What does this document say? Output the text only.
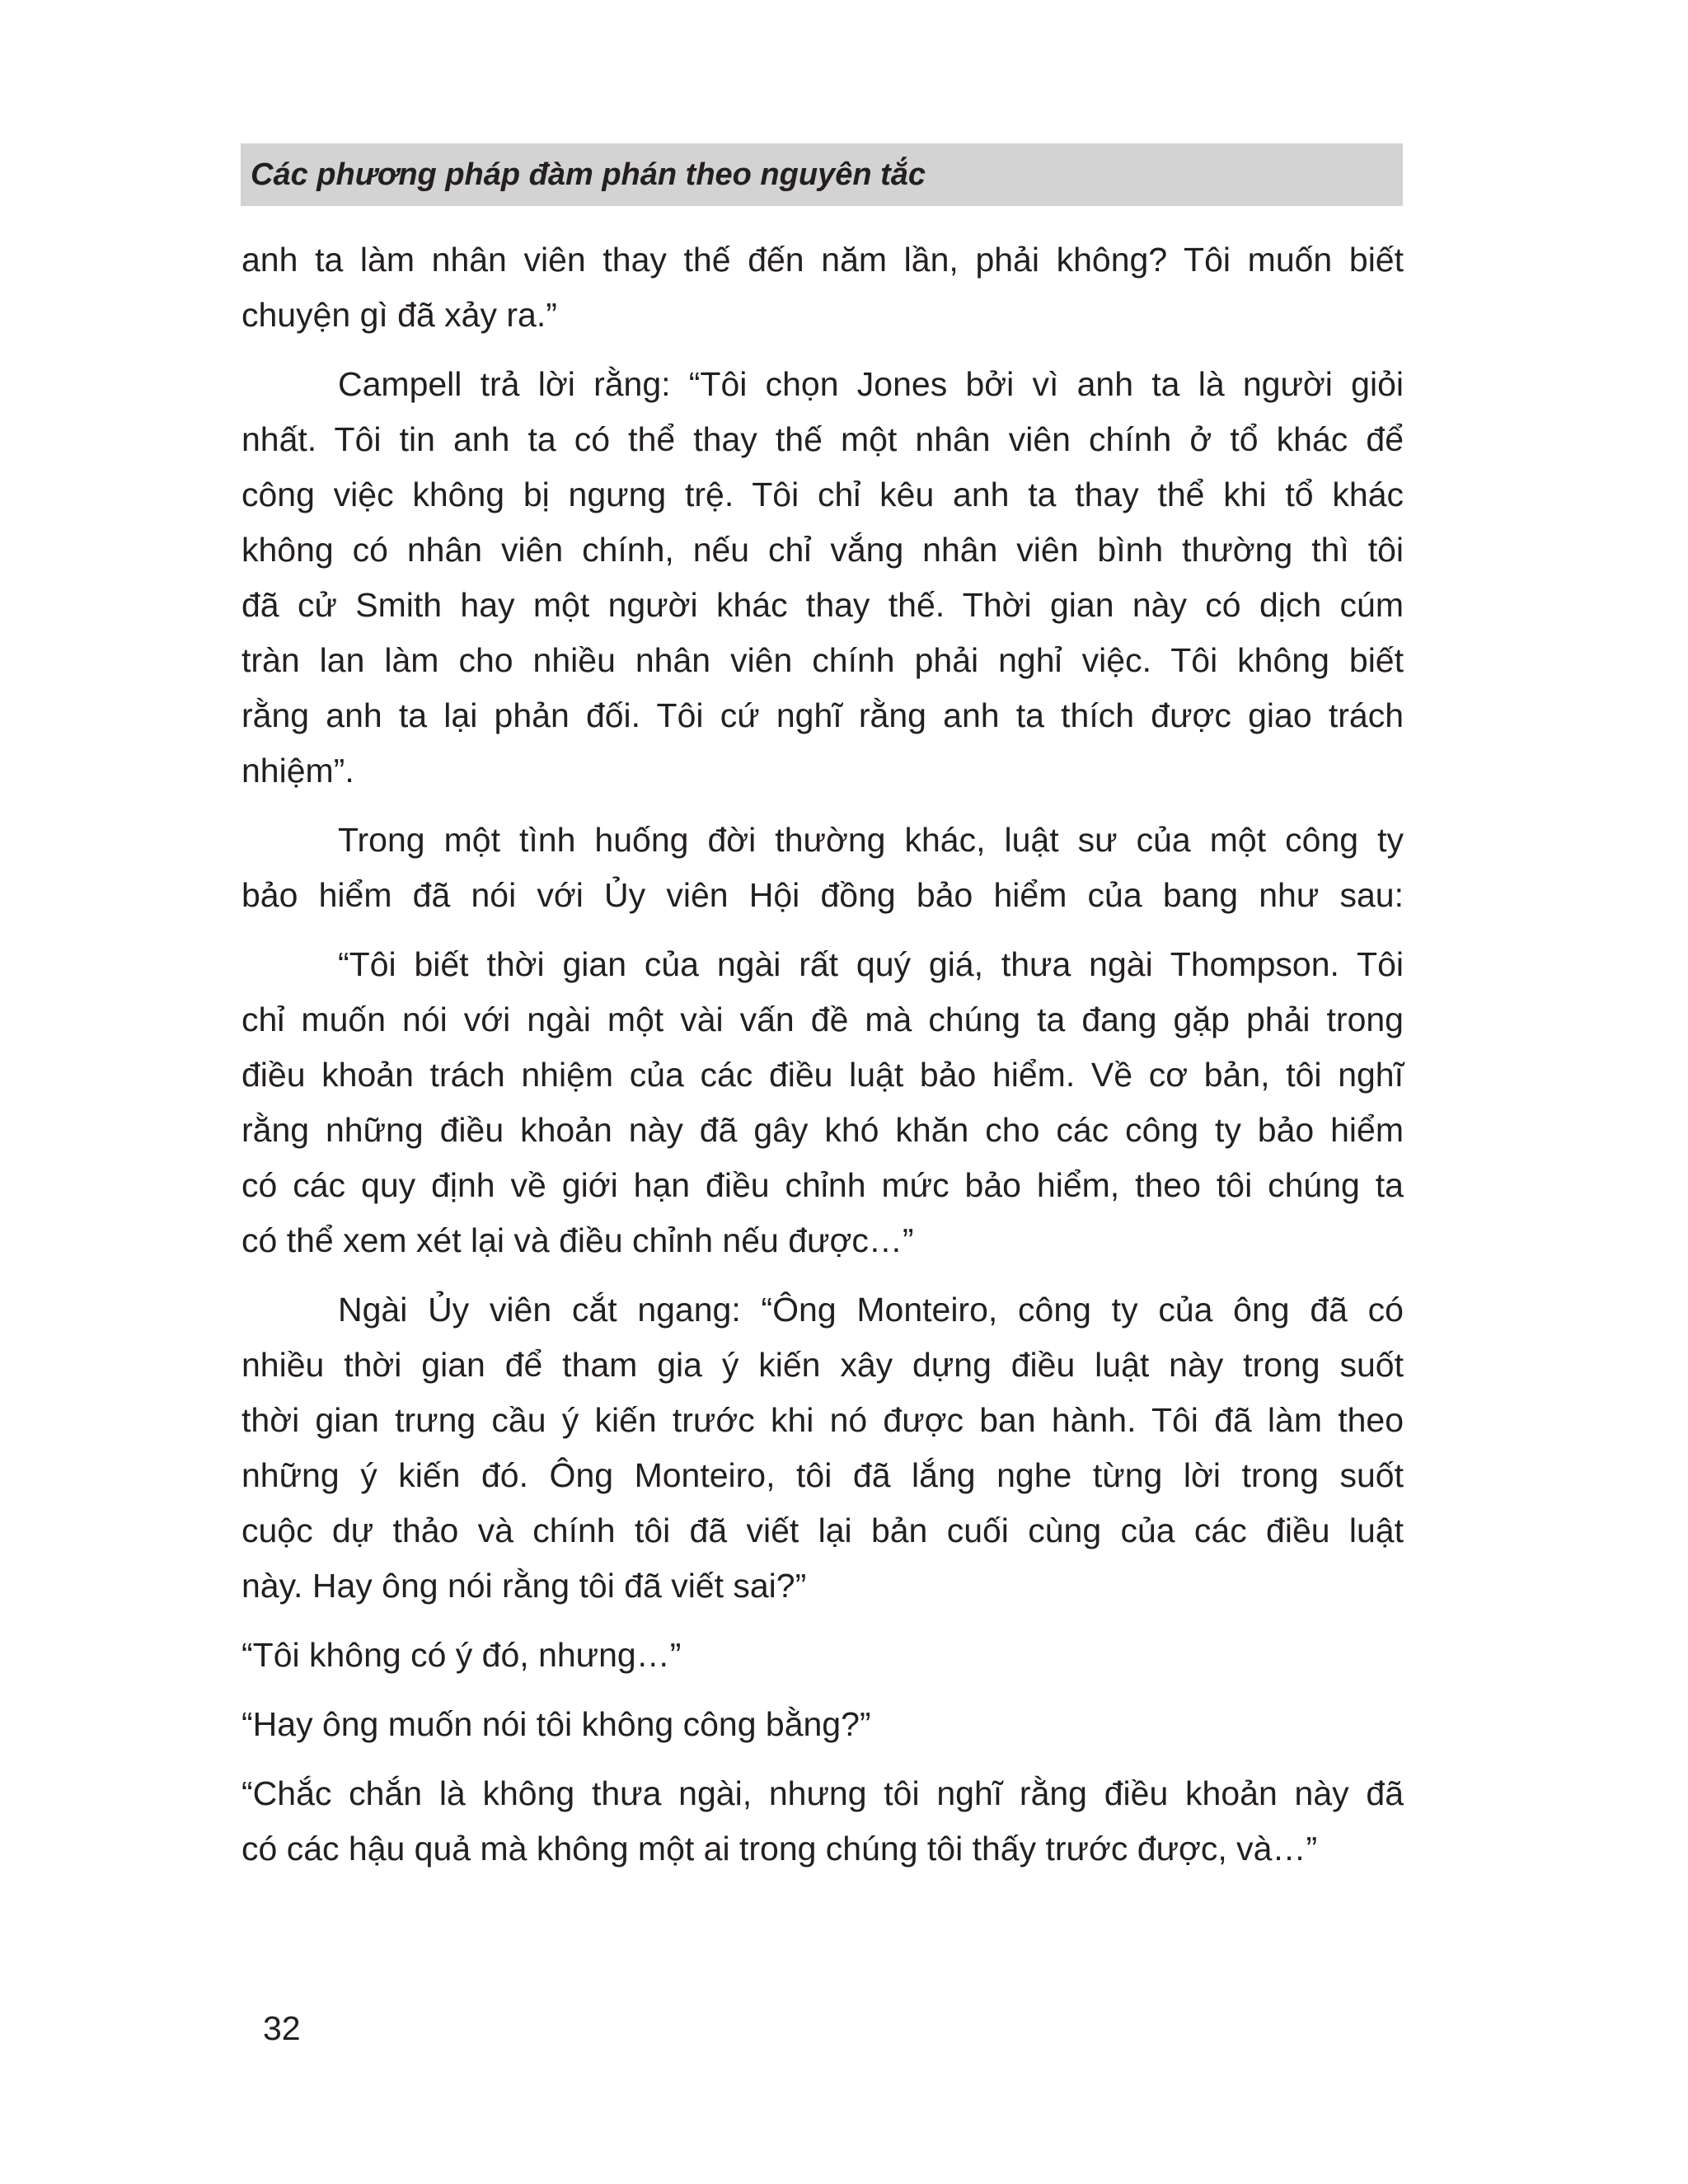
Các phương pháp đàm phán theo nguyên tắc
anh ta làm nhân viên thay thế đến năm lần, phải không? Tôi muốn biết
chuyện gì đã xảy ra.”
Campell trả lời rằng: “Tôi chọn Jones bởi vì anh ta là người giỏi
nhất. Tôi tin anh ta có thể thay thế một nhân viên chính ở tổ khác để
công việc không bị ngưng trệ. Tôi chỉ kêu anh ta thay thể khi tổ khác
không có nhân viên chính, nếu chỉ vắng nhân viên bình thường thì tôi
đã cử Smith hay một người khác thay thế. Thời gian này có dịch cúm
tràn lan làm cho nhiều nhân viên chính phải nghỉ việc. Tôi không biết
rằng anh ta lại phản đối. Tôi cứ nghĩ rằng anh ta thích được giao trách
nhiệm”.
Trong một tình huống đời thường khác, luật sư của một công ty
bảo hiểm đã nói với Ủy viên Hội đồng bảo hiểm của bang như sau:
“Tôi biết thời gian của ngài rất quý giá, thưa ngài Thompson. Tôi
chỉ muốn nói với ngài một vài vấn đề mà chúng ta đang gặp phải trong
điều khoản trách nhiệm của các điều luật bảo hiểm. Về cơ bản, tôi nghĩ
rằng những điều khoản này đã gây khó khăn cho các công ty bảo hiểm
có các quy định về giới hạn điều chỉnh mức bảo hiểm, theo tôi chúng ta
có thể xem xét lại và điều chỉnh nếu được…”
Ngài Ủy viên cắt ngang: “Ông Monteiro, công ty của ông đã có
nhiều thời gian để tham gia ý kiến xây dựng điều luật này trong suốt
thời gian trưng cầu ý kiến trước khi nó được ban hành. Tôi đã làm theo
những ý kiến đó. Ông Monteiro, tôi đã lắng nghe từng lời trong suốt
cuộc dự thảo và chính tôi đã viết lại bản cuối cùng của các điều luật
này. Hay ông nói rằng tôi đã viết sai?”
“Tôi không có ý đó, nhưng…”
“Hay ông muốn nói tôi không công bằng?”
“Chắc chắn là không thưa ngài, nhưng tôi nghĩ rằng điều khoản này đã
có các hậu quả mà không một ai trong chúng tôi thấy trước được, và…”
32
